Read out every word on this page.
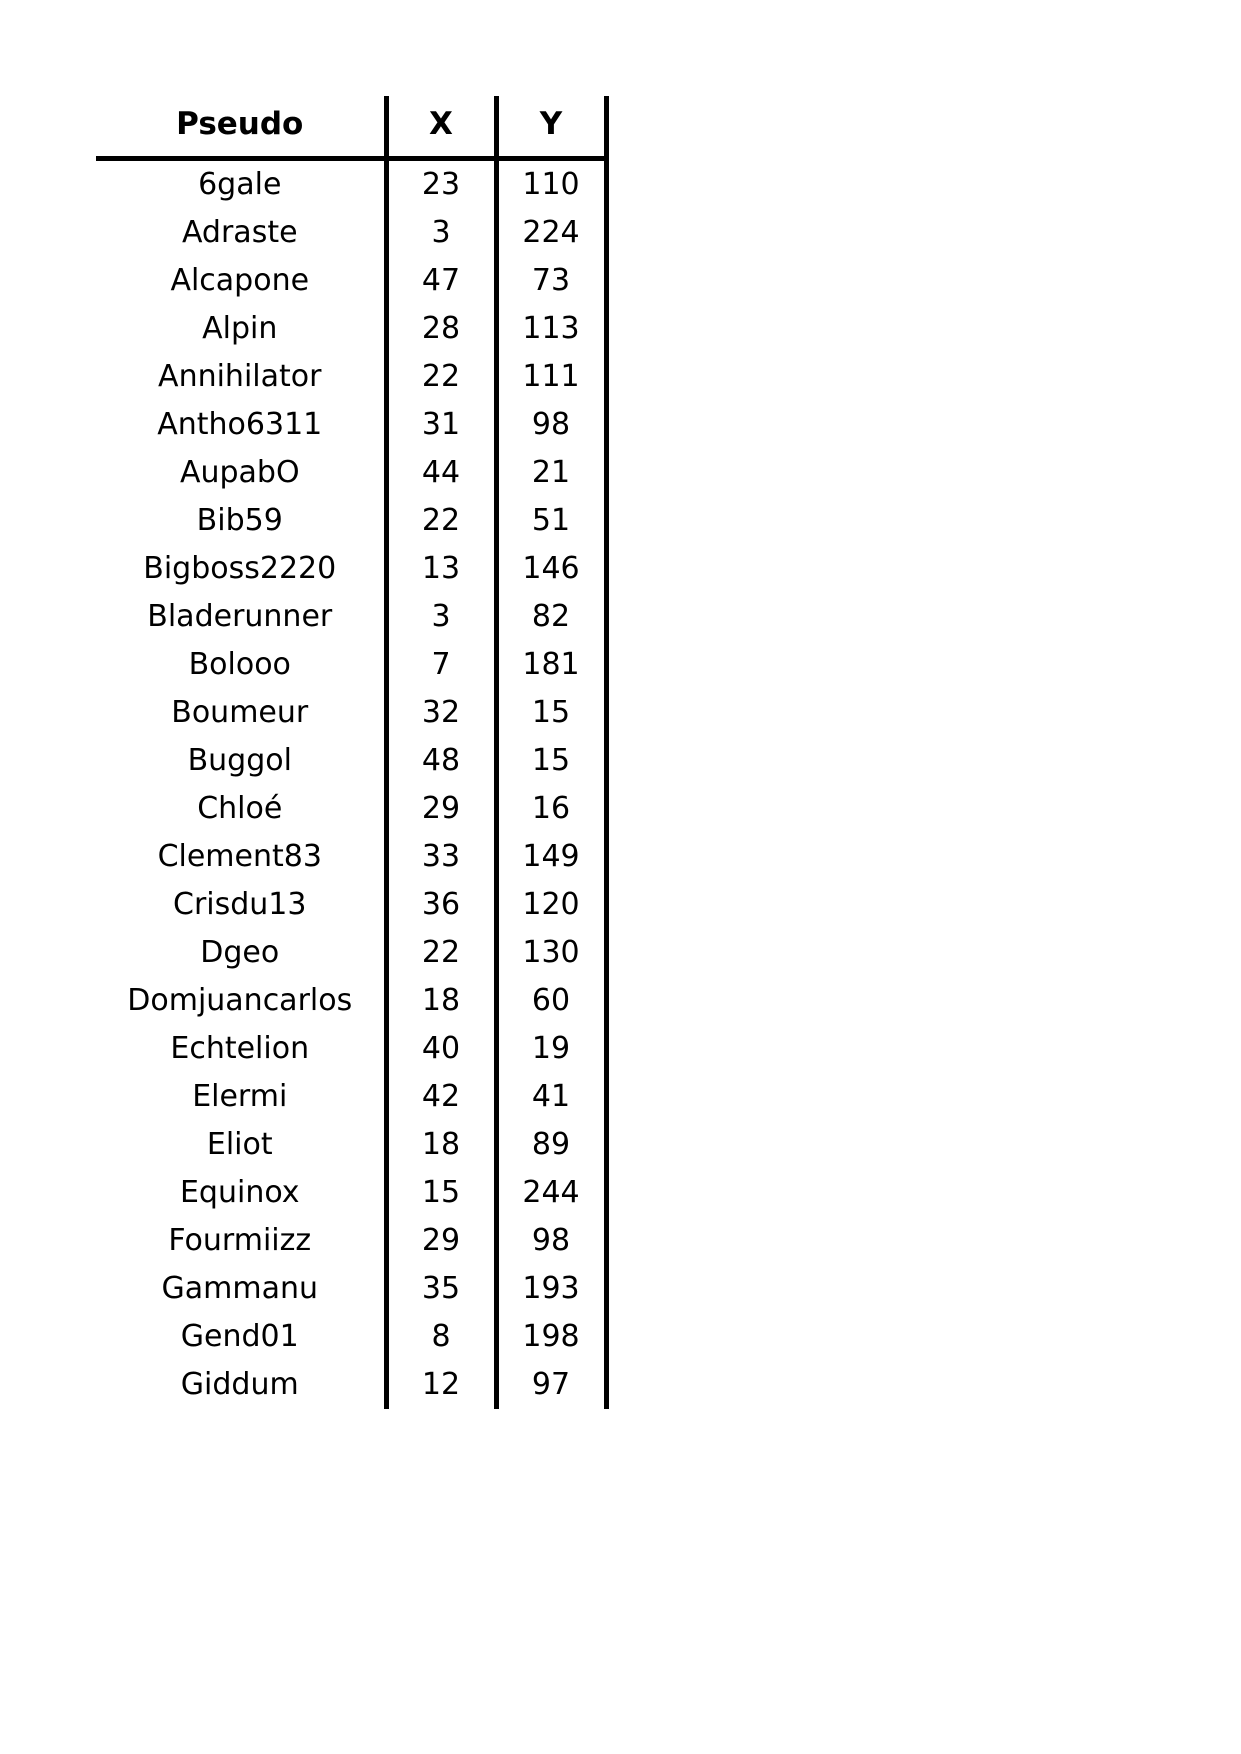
Pseudo	X	Y
6gale	23	110
Adraste	3	224
Alcapone	47	73
Alpin	28	113
Annihilator	22	111
Antho6311	31	98
AupabO	44	21
Bib59	22	51
Bigboss2220	13	146
Bladerunner	3	82
Bolooo	7	181
Boumeur	32	15
Buggol	48	15
Chloé	29	16
Clement83	33	149
Crisdu13	36	120
Dgeo	22	130
Domjuancarlos	18	60
Echtelion	40	19
Elermi	42	41
Eliot	18	89
Equinox	15	244
Fourmiizz	29	98
Gammanu	35	193
Gend01	8	198
Giddum	12	97
